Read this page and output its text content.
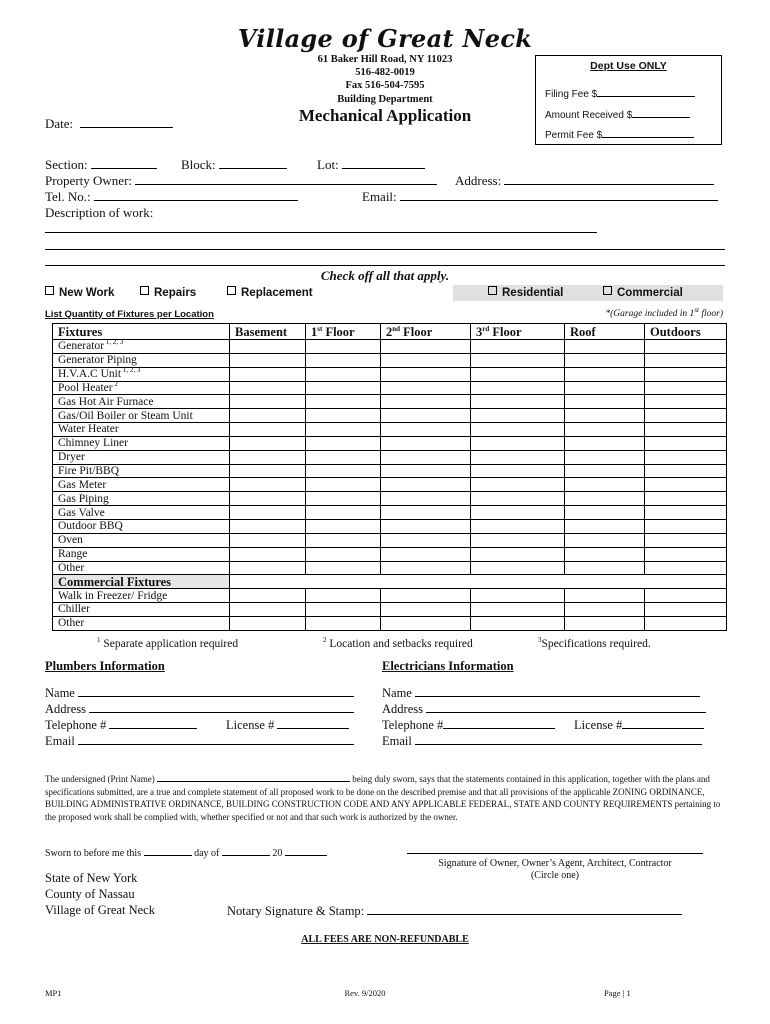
Village of Great Neck
61 Baker Hill Road, NY 11023
516-482-0019
Fax 516-504-7595
Building Department
Mechanical Application
Date:
Dept Use ONLY
Filing Fee $
Amount Received $
Permit Fee $
Section:	Block:	Lot:
Property Owner:	Address:
Tel. No.:	Email:
Description of work:
Check off all that apply.
New Work	Repairs	Replacement	Residential	Commercial
List Quantity of Fixtures per Location	*(Garage included in 1st floor)
Fixtures	Basement	1st Floor	2nd Floor	3rd Floor	Roof	Outdoors
Generator $^{1, 2, 3}$						
Generator Piping						
H.V.A.C Unit $^{1, 2, 3}$						
Pool Heater $^2$						
Gas Hot Air Furnace						
Gas/Oil Boiler or Steam Unit						
Water Heater						
Chimney Liner						
Dryer						
Fire Pit/BBQ						
Gas Meter						
Gas Piping						
Gas Valve						
Outdoor BBQ						
Oven						
Range						
Other						
Commercial Fixtures						
Walk in Freezer/ Fridge						
Chiller						
Other						
$^1$ Separate application required	$^2$ Location and setbacks required	$^3$Specifications required.
Plumbers Information
Name
Address
Telephone #	License #
Email
Electricians Information
Name
Address
Telephone #	License #
Email
The undersigned (Print Name)	being duly sworn, says that the statements contained in this application, together with the plans and specifications submitted, are a true and complete statement of all proposed work to be done on the described premise and that all provisions of the applicable ZONING ORDINANCE, BUILDING ADMINISTRATIVE ORDINANCE, BUILDING CONSTRUCTION CODE AND ANY APPLICABLE FEDERAL, STATE AND COUNTY REQUIREMENTS pertaining to the proposed work shall be complied with, whether specified or not and that such work is authorized by the owner.
Sworn to before me this	day of	20
Signature of Owner, Owner’s Agent, Architect, Contractor
(Circle one)
State of New York
County of Nassau
Village of Great Neck	Notary Signature & Stamp:
ALL FEES ARE NON-REFUNDABLE
MP1	Rev. 9/2020	Page | 1
